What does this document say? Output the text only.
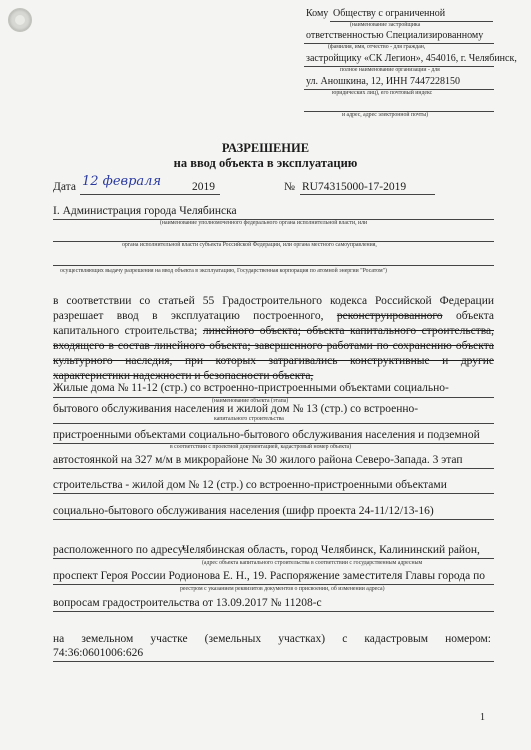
Кому Обществу с ограниченной
(наименование застройщика
ответственностью Специализированному
(фамилия, имя, отчество - для граждан,
застройщику «СК Легион», 454016, г. Челябинск,
полное наименование организации - для
ул. Аношкина, 12, ИНН 7447228150
юридических лиц), его почтовый индекс
и адрес, адрес электронной почты)
РАЗРЕШЕНИЕ
на ввод объекта в эксплуатацию
Дата 12 февраля	2019	№ RU74315000-17-2019
I. Администрация города Челябинска
(наименование уполномоченного федерального органа исполнительной власти, или
органа исполнительной власти субъекта Российской Федерации, или органа местного самоуправления,
осуществляющих выдачу разрешения на ввод объекта в эксплуатацию, Государственная корпорация по атомной энергии "Росатом")
в соответствии со статьей 55 Градостроительного кодекса Российской Федерации
разрешает ввод в эксплуатацию построенного, реконструированного объекта
капитального строительства; линейного объекта; объекта капитального строительства,
входящего в состав линейного объекта; завершенного работами по сохранению объекта
культурного наследия, при которых затрагивались конструктивные и другие
характеристики надежности и безопасности объекта,
Жилые дома № 11-12 (стр.) со встроенно-пристроенными объектами социально-
(наименование объекта (этапа)
капитального строительства
бытового обслуживания населения и жилой дом № 13 (стр.) со встроенно-
пристроенными объектами социально-бытового обслуживания населения и подземной
в соответствии с проектной документацией, кадастровый номер объекта)
автостоянкой на 327 м/м в микрорайоне № 30 жилого района Северо-Запада. 3 этап
строительства - жилой дом № 12 (стр.) со встроенно-пристроенными объектами
социально-бытового обслуживания населения (шифр проекта 24-11/12/13-16)
расположенного по адресу:
Челябинская область, город Челябинск, Калининский район,
(адрес объекта капитального строительства в соответствии с государственным адресным
проспект Героя России Родионова Е. Н., 19. Распоряжение заместителя Главы города по
реестром с указанием реквизитов документов о присвоении, об изменении адреса)
вопросам градостроительства от 13.09.2017 № 11208-с
на земельном участке (земельных участках) с кадастровым номером:
74:36:0601006:626
1
